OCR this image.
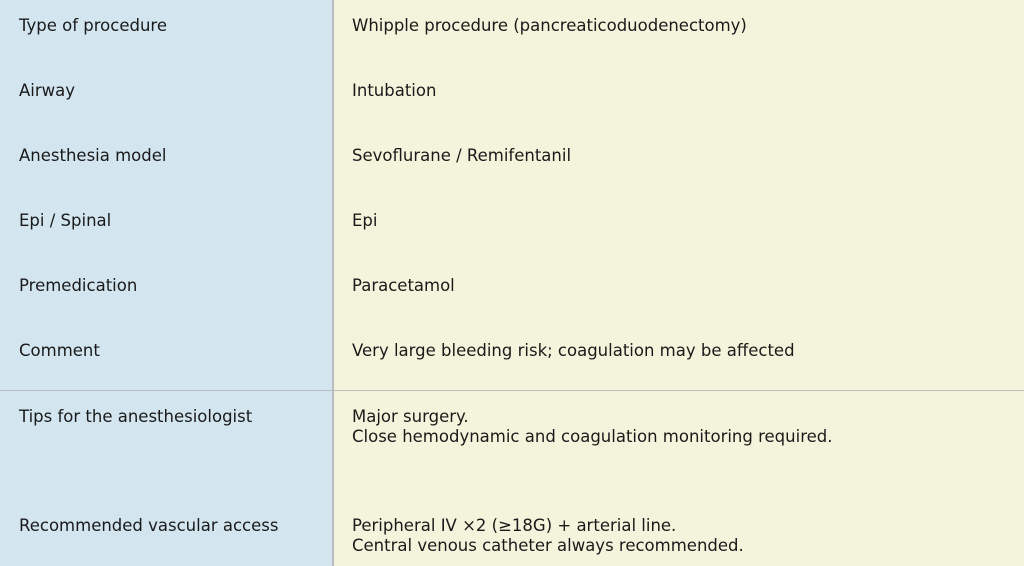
Type of procedure	Whipple procedure (pancreaticoduodenectomy)
Airway	Intubation
Anesthesia model	Sevoflurane / Remifentanil
Epi / Spinal	Epi
Premedication	Paracetamol
Comment	Very large bleeding risk; coagulation may be affected
Tips for the anesthesiologist	Major surgery.
Close hemodynamic and coagulation monitoring required.
Recommended vascular access	Peripheral IV ×2 (≥18G) + arterial line.
Central venous catheter always recommended.
